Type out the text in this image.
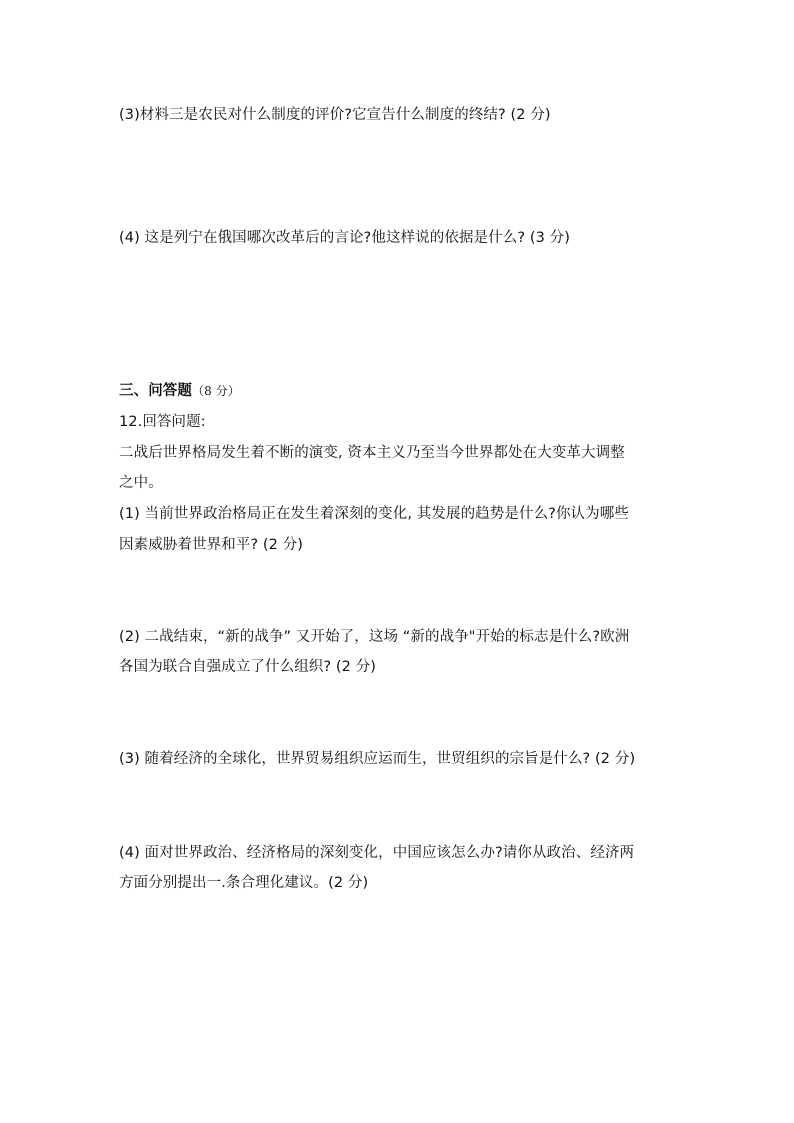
(3)材料三是农民对什么制度的评价?它宣告什么制度的终结? (2 分)
(4) 这是列宁在俄国哪次改革后的言论?他这样说的依据是什么? (3 分)
三、问答题（8 分）
12.回答问题:
二战后世界格局发生着不断的演变, 资本主义乃至当今世界都处在大变革大调整
之中。
(1) 当前世界政治格局正在发生着深刻的变化, 其发展的趋势是什么?你认为哪些
因素威胁着世界和平? (2 分)
(2) 二战结束，“新的战争” 又开始了，这场 “新的战争"开始的标志是什么?欧洲
各国为联合自强成立了什么组织? (2 分)
(3) 随着经济的全球化，世界贸易组织应运而生，世贸组织的宗旨是什么? (2 分)
(4) 面对世界政治、经济格局的深刻变化，中国应该怎么办?请你从政治、经济两
方面分别提出一.条合理化建议。(2 分)
